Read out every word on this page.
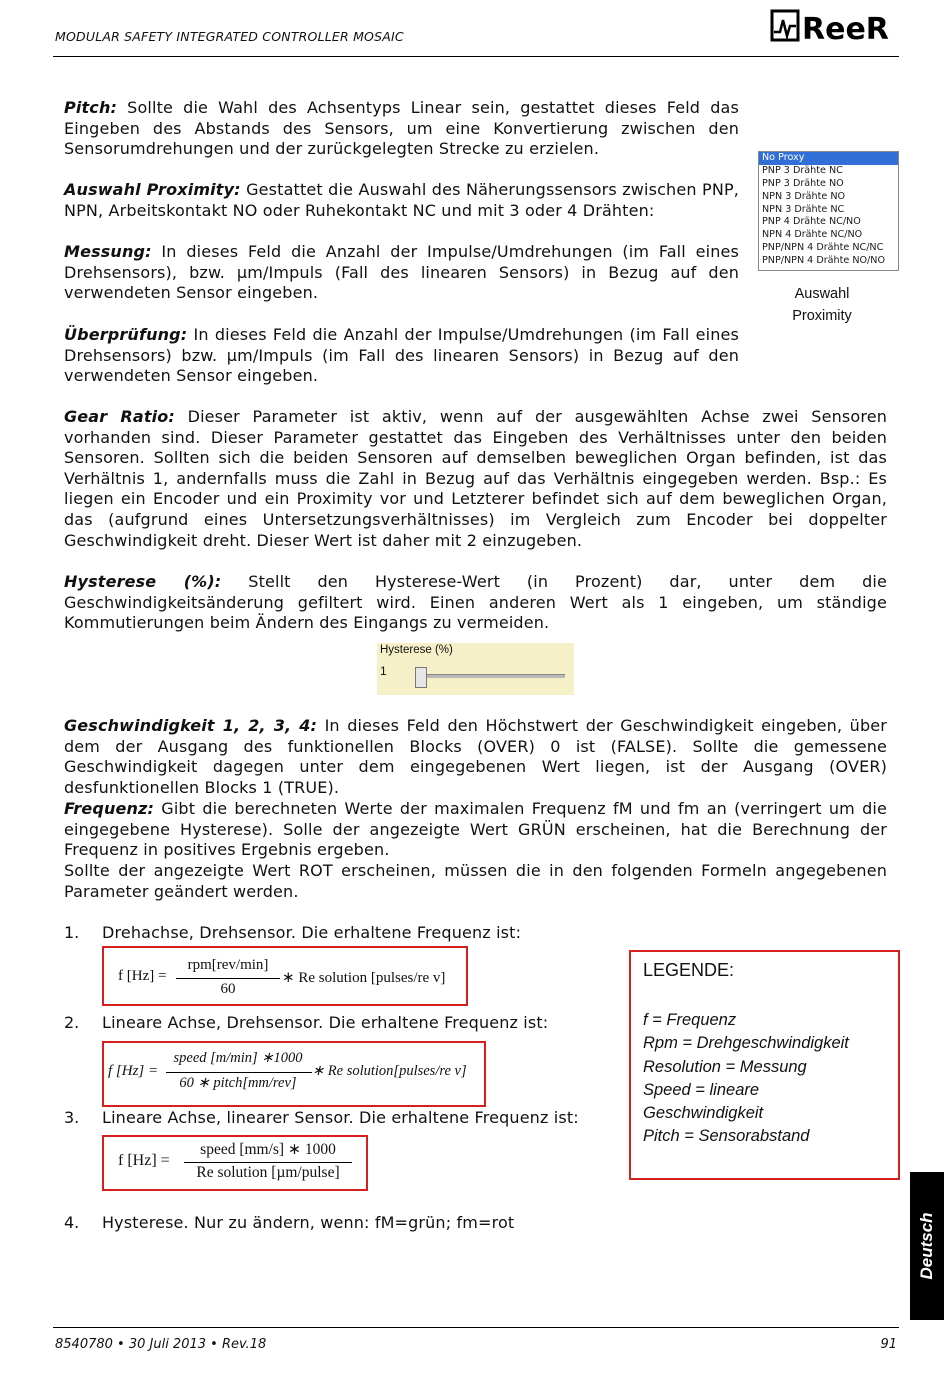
MODULAR SAFETY INTEGRATED CONTROLLER MOSAIC	ReeR
Pitch: Sollte die Wahl des Achsentyps Linear sein, gestattet dieses Feld das Eingeben des Abstands des Sensors, um eine Konvertierung zwischen den Sensorumdrehungen und der zurückgelegten Strecke zu erzielen.
Auswahl Proximity: Gestattet die Auswahl des Näherungssensors zwischen PNP, NPN, Arbeitskontakt NO oder Ruhekontakt NC und mit 3 oder 4 Drähten:
Messung: In dieses Feld die Anzahl der Impulse/Umdrehungen (im Fall eines Drehsensors), bzw. µm/Impuls (Fall des linearen Sensors) in Bezug auf den verwendeten Sensor eingeben.
Überprüfung: In dieses Feld die Anzahl der Impulse/Umdrehungen (im Fall eines Drehsensors) bzw. µm/Impuls (im Fall des linearen Sensors) in Bezug auf den verwendeten Sensor eingeben.
No Proxy
PNP 3 Drähte NC
PNP 3 Drähte NO
NPN 3 Drähte NO
NPN 3 Drähte NC
PNP 4 Drähte NC/NO
NPN 4 Drähte NC/NO
PNP/NPN 4 Drähte NC/NC
PNP/NPN 4 Drähte NO/NO
Auswahl
Proximity
Gear Ratio: Dieser Parameter ist aktiv, wenn auf der ausgewählten Achse zwei Sensoren vorhanden sind. Dieser Parameter gestattet das Eingeben des Verhältnisses unter den beiden Sensoren. Sollten sich die beiden Sensoren auf demselben beweglichen Organ befinden, ist das Verhältnis 1, andernfalls muss die Zahl in Bezug auf das Verhältnis eingegeben werden. Bsp.: Es liegen ein Encoder und ein Proximity vor und Letzterer befindet sich auf dem beweglichen Organ, das (aufgrund eines Untersetzungsverhältnisses) im Vergleich zum Encoder bei doppelter Geschwindigkeit dreht. Dieser Wert ist daher mit 2 einzugeben.
Hysterese (%): Stellt den Hysterese-Wert (in Prozent) dar, unter dem die Geschwindigkeitsänderung gefiltert wird. Einen anderen Wert als 1 eingeben, um ständige Kommutierungen beim Ändern des Eingangs zu vermeiden.
Hysterese (%)
1
Geschwindigkeit 1, 2, 3, 4: In dieses Feld den Höchstwert der Geschwindigkeit eingeben, über dem der Ausgang des funktionellen Blocks (OVER) 0 ist (FALSE). Sollte die gemessene Geschwindigkeit dagegen unter dem eingegebenen Wert liegen, ist der Ausgang (OVER) desfunktionellen Blocks 1 (TRUE).
Frequenz: Gibt die berechneten Werte der maximalen Frequenz fM und fm an (verringert um die eingegebene Hysterese). Solle der angezeigte Wert GRÜN erscheinen, hat die Berechnung der Frequenz in positives Ergebnis ergeben.
Sollte der angezeigte Wert ROT erscheinen, müssen die in den folgenden Formeln angegebenen Parameter geändert werden.
1. Drehachse, Drehsensor. Die erhaltene Frequenz ist:
2. Lineare Achse, Drehsensor. Die erhaltene Frequenz ist:
3. Lineare Achse, linearer Sensor. Die erhaltene Frequenz ist:
4. Hysterese. Nur zu ändern, wenn: fM=grün; fm=rot
f [Hz] =
rpm[rev/min]
60
∗ Re solution [pulses/re v]
f [Hz] =
speed [m/min] ∗1000
60 ∗ pitch[mm/rev]
∗ Re solution[pulses/re v]
f [Hz] =
speed [mm/s] ∗ 1000
Re solution [µm/pulse]
LEGENDE:
f = Frequenz
Rpm = Drehgeschwindigkeit
Resolution = Messung
Speed = lineare
Geschwindigkeit
Pitch = Sensorabstand
Deutsch
8540780 • 30 Juli 2013 • Rev.18	91
